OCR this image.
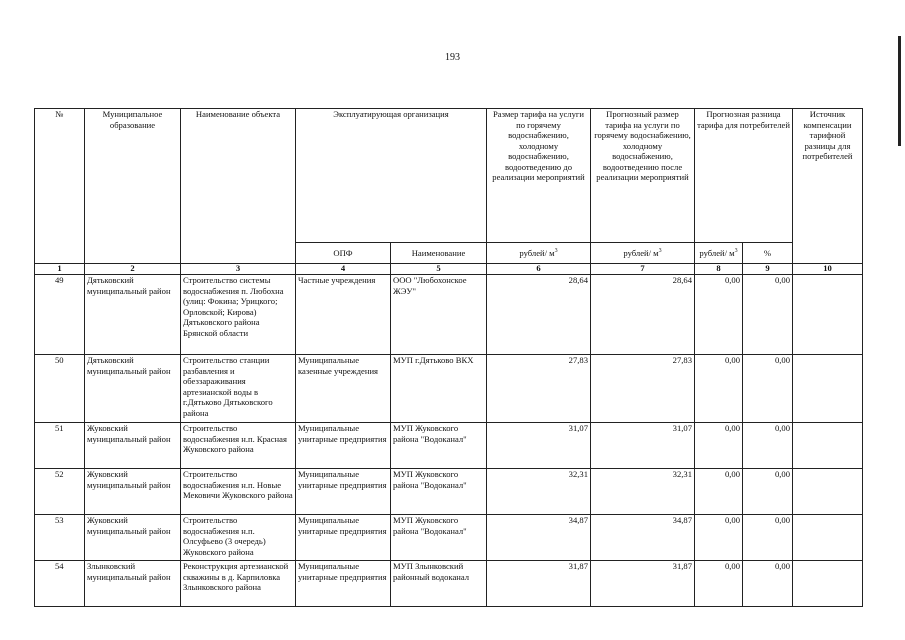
193
№	Муниципальное образование	Наименование объекта	Эксплуатирующая организация		Размер тарифа на услуги по горячему водоснабжению, холодному водоснабжению, водоотведению до реализации мероприятий	Прогнозный размер тарифа на услуги по горячему водоснабжению, холодному водоснабжению, водоотведению после реализации мероприятий	Прогнозная разница тарифа для потребителей		Источник компенсации тарифной разницы для потребителей
			ОПФ	Наименование	рублей/ $м^3$	рублей/ $м^3$	рублей/ $м^3$	%	
1	2	3	4	5	6	7	8	9	10
49	Дятьковский муниципальный район	Строительство системы водоснабжения п. Любохна (улиц: Фокина; Урицкого; Орловской; Кирова) Дятьковского района Брянской области	Частные учреждения	ООО "Любохонское ЖЭУ"	28,64	28,64	0,00	0,00	
50	Дятьковский муниципальный район	Строительство станции разбавления и обеззараживания артезианской воды в г.Дятьково Дятьковского района	Муниципальные казенные учреждения	МУП г.Дятьково ВКХ	27,83	27,83	0,00	0,00	
51	Жуковский муниципальный район	Строительство водоснабжения н.п. Красная Жуковского района	Муниципальные унитарные предприятия	МУП Жуковского района "Водоканал"	31,07	31,07	0,00	0,00	
52	Жуковский муниципальный район	Строительство водоснабжения н.п. Новые Мековичи Жуковского района	Муниципальные унитарные предприятия	МУП Жуковского района "Водоканал"	32,31	32,31	0,00	0,00	
53	Жуковский муниципальный район	Строительство водоснабжения н.п. Олсуфьево (3 очередь) Жуковского района	Муниципальные унитарные предприятия	МУП Жуковского района "Водоканал"	34,87	34,87	0,00	0,00	
54	Злынковский муниципальный район	Реконструкция артезианской скважины в д. Карпиловка Злынковского района	Муниципальные унитарные предприятия	МУП Злынковский районный водоканал	31,87	31,87	0,00	0,00	
